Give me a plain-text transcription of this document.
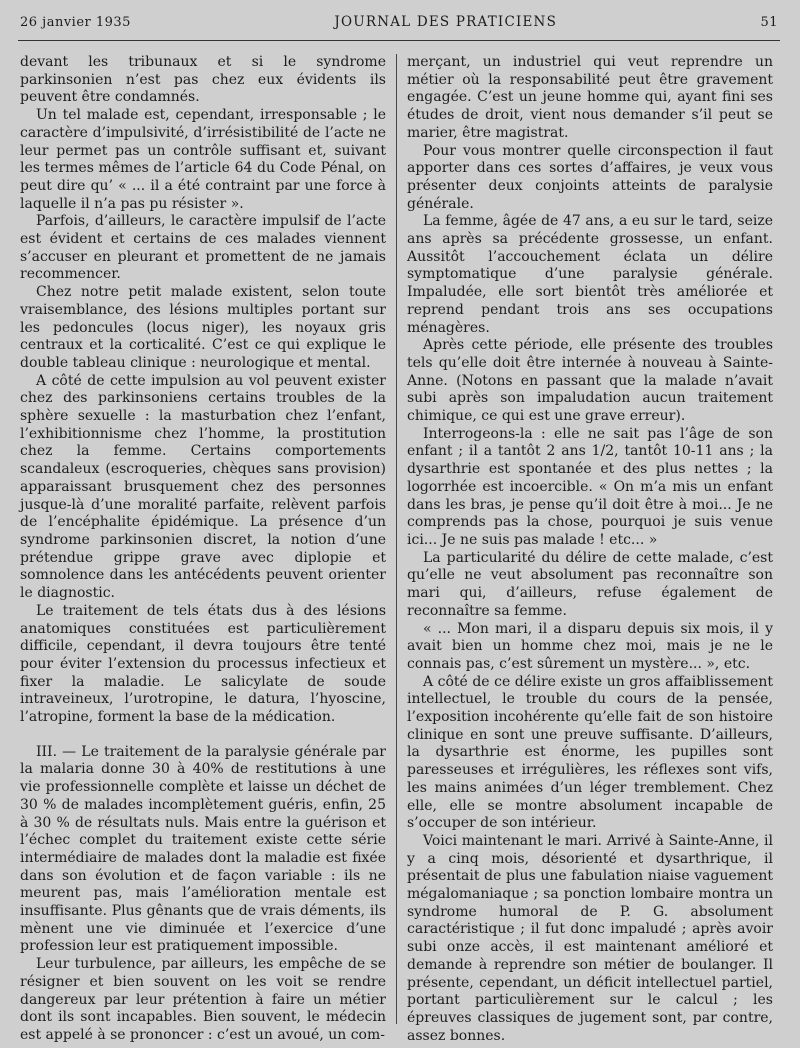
26 janvier 1935	JOURNAL DES PRATICIENS	51

devant les tribunaux et si le syndrome parkinsonien n’est pas chez eux évidents ils peuvent être condamnés.

Un tel malade est, cependant, irresponsable ; le caractère d’impulsivité, d’irrésistibilité de l’acte ne leur permet pas un contrôle suffisant et, suivant les termes mêmes de l’article 64 du Code Pénal, on peut dire qu’ « ... il a été contraint par une force à laquelle il n’a pas pu résister ».

Parfois, d’ailleurs, le caractère impulsif de l’acte est évident et certains de ces malades viennent s’accuser en pleurant et promettent de ne jamais recommencer.

Chez notre petit malade existent, selon toute vraisemblance, des lésions multiples portant sur les pedoncules (locus niger), les noyaux gris centraux et la corticalité. C’est ce qui explique le double tableau clinique : neurologique et mental.

A côté de cette impulsion au vol peuvent exister chez des parkinsoniens certains troubles de la sphère sexuelle : la masturbation chez l’enfant, l’exhibitionnisme chez l’homme, la prostitution chez la femme. Certains comportements scandaleux (escroqueries, chèques sans provision) apparaissant brusquement chez des personnes jusque-là d’une moralité parfaite, relèvent parfois de l’encéphalite épidémique. La présence d’un syndrome parkinsonien discret, la notion d’une prétendue grippe grave avec diplopie et somnolence dans les antécédents peuvent orienter le diagnostic.

Le traitement de tels états dus à des lésions anatomiques constituées est particulièrement difficile, cependant, il devra toujours être tenté pour éviter l’extension du processus infectieux et fixer la maladie. Le salicylate de soude intraveineux, l’urotropine, le datura, l’hyoscine, l’atropine, forment la base de la médication.

III. — Le traitement de la paralysie générale par la malaria donne 30 à 40% de restitutions à une vie professionnelle complète et laisse un déchet de 30 % de malades incomplètement guéris, enfin, 25 à 30 % de résultats nuls. Mais entre la guérison et l’échec complet du traitement existe cette série intermédiaire de malades dont la maladie est fixée dans son évolution et de façon variable : ils ne meurent pas, mais l’amélioration mentale est insuffisante. Plus gênants que de vrais déments, ils mènent une vie diminuée et l’exercice d’une profession leur est pratiquement impossible.

Leur turbulence, par ailleurs, les empêche de se résigner et bien souvent on les voit se rendre dangereux par leur prétention à faire un métier dont ils sont incapables. Bien souvent, le médecin est appelé à se prononcer : c’est un avoué, un com-

merçant, un industriel qui veut reprendre un métier où la responsabilité peut être gravement engagée. C’est un jeune homme qui, ayant fini ses études de droit, vient nous demander s’il peut se marier, être magistrat.

Pour vous montrer quelle circonspection il faut apporter dans ces sortes d’affaires, je veux vous présenter deux conjoints atteints de paralysie générale.

La femme, âgée de 47 ans, a eu sur le tard, seize ans après sa précédente grossesse, un enfant. Aussitôt l’accouchement éclata un délire symptomatique d’une paralysie générale. Impaludée, elle sort bientôt très améliorée et reprend pendant trois ans ses occupations ménagères.

Après cette période, elle présente des troubles tels qu’elle doit être internée à nouveau à Sainte-Anne. (Notons en passant que la malade n’avait subi après son impaludation aucun traitement chimique, ce qui est une grave erreur).

Interrogeons-la : elle ne sait pas l’âge de son enfant ; il a tantôt 2 ans 1/2, tantôt 10-11 ans ; la dysarthrie est spontanée et des plus nettes ; la logorrhée est incoercible. « On m’a mis un enfant dans les bras, je pense qu’il doit être à moi... Je ne comprends pas la chose, pourquoi je suis venue ici... Je ne suis pas malade ! etc... »

La particularité du délire de cette malade, c’est qu’elle ne veut absolument pas reconnaître son mari qui, d’ailleurs, refuse également de reconnaître sa femme.

« ... Mon mari, il a disparu depuis six mois, il y avait bien un homme chez moi, mais je ne le connais pas, c’est sûrement un mystère... », etc.

A côté de ce délire existe un gros affaiblissement intellectuel, le trouble du cours de la pensée, l’exposition incohérente qu’elle fait de son histoire clinique en sont une preuve suffisante. D’ailleurs, la dysarthrie est énorme, les pupilles sont paresseuses et irrégulières, les réflexes sont vifs, les mains animées d’un léger tremblement. Chez elle, elle se montre absolument incapable de s’occuper de son intérieur.

Voici maintenant le mari. Arrivé à Sainte-Anne, il y a cinq mois, désorienté et dysarthrique, il présentait de plus une fabulation niaise vaguement mégalomaniaque ; sa ponction lombaire montra un syndrome humoral de P. G. absolument caractéristique ; il fut donc impaludé ; après avoir subi onze accès, il est maintenant amélioré et demande à reprendre son métier de boulanger. Il présente, cependant, un déficit intellectuel partiel, portant particulièrement sur le calcul ; les épreuves classiques de jugement sont, par contre, assez bonnes.
